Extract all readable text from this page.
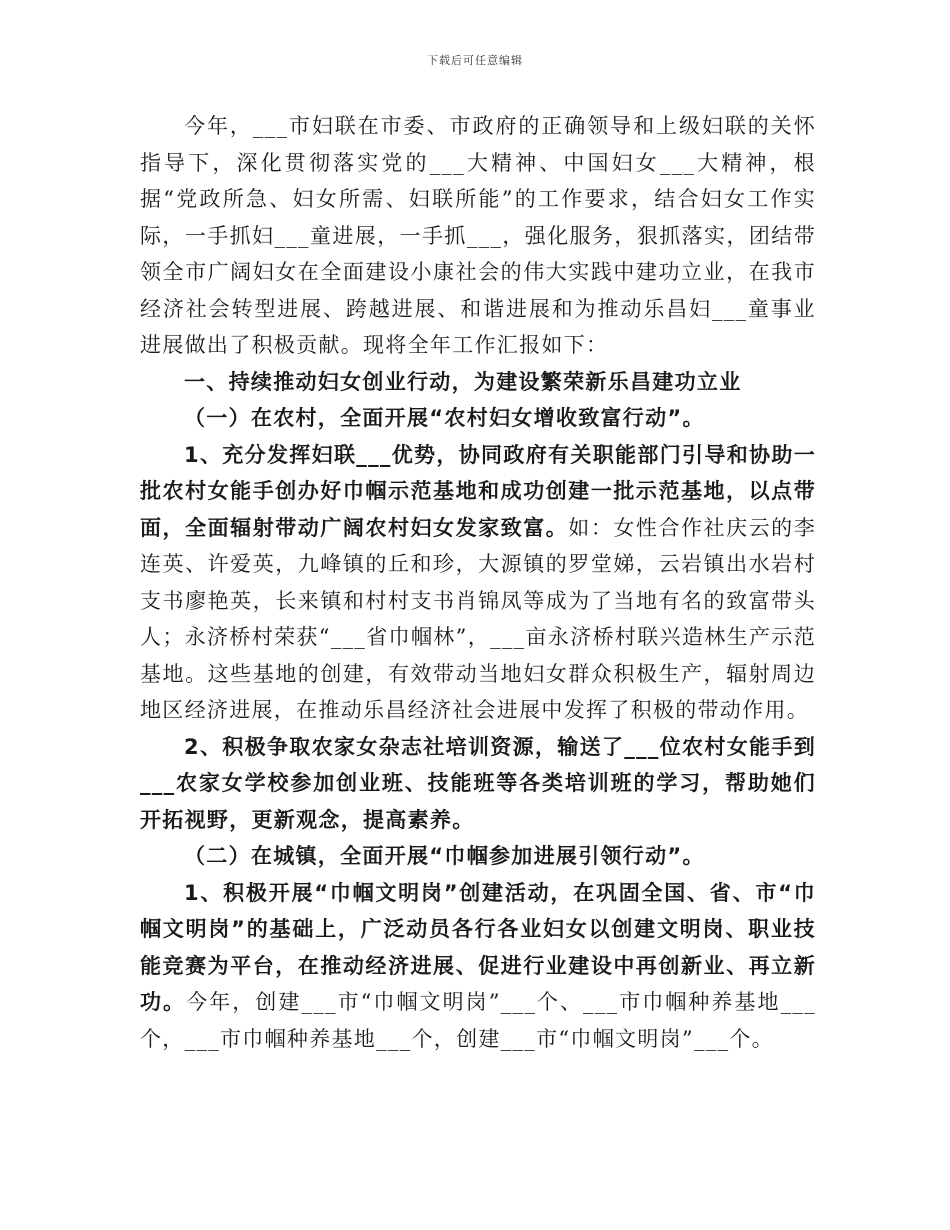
下载后可任意编辑

今年，___市妇联在市委、市政府的正确领导和上级妇联的关怀指导下，深化贯彻落实党的___大精神、中国妇女___大精神，根据“党政所急、妇女所需、妇联所能”的工作要求，结合妇女工作实际，一手抓妇___童进展，一手抓___，强化服务，狠抓落实，团结带领全市广阔妇女在全面建设小康社会的伟大实践中建功立业，在我市经济社会转型进展、跨越进展、和谐进展和为推动乐昌妇___童事业进展做出了积极贡献。现将全年工作汇报如下：

一、持续推动妇女创业行动，为建设繁荣新乐昌建功立业

（一）在农村，全面开展“农村妇女增收致富行动”。

1、充分发挥妇联___优势，协同政府有关职能部门引导和协助一批农村女能手创办好巾帼示范基地和成功创建一批示范基地，以点带面，全面辐射带动广阔农村妇女发家致富。如：女性合作社庆云的李连英、许爱英，九峰镇的丘和珍，大源镇的罗堂娣，云岩镇出水岩村支书廖艳英，长来镇和村村支书肖锦凤等成为了当地有名的致富带头人；永济桥村荣获“___省巾帼林”，___亩永济桥村联兴造林生产示范基地。这些基地的创建，有效带动当地妇女群众积极生产，辐射周边地区经济进展，在推动乐昌经济社会进展中发挥了积极的带动作用。

2、积极争取农家女杂志社培训资源，输送了___位农村女能手到___农家女学校参加创业班、技能班等各类培训班的学习，帮助她们开拓视野，更新观念，提高素养。

（二）在城镇，全面开展“巾帼参加进展引领行动”。

1、积极开展“巾帼文明岗”创建活动，在巩固全国、省、市“巾帼文明岗”的基础上，广泛动员各行各业妇女以创建文明岗、职业技能竞赛为平台，在推动经济进展、促进行业建设中再创新业、再立新功。今年，创建___市“巾帼文明岗”___个、___市巾帼种养基地___个，___市巾帼种养基地___个，创建___市“巾帼文明岗”___个。
